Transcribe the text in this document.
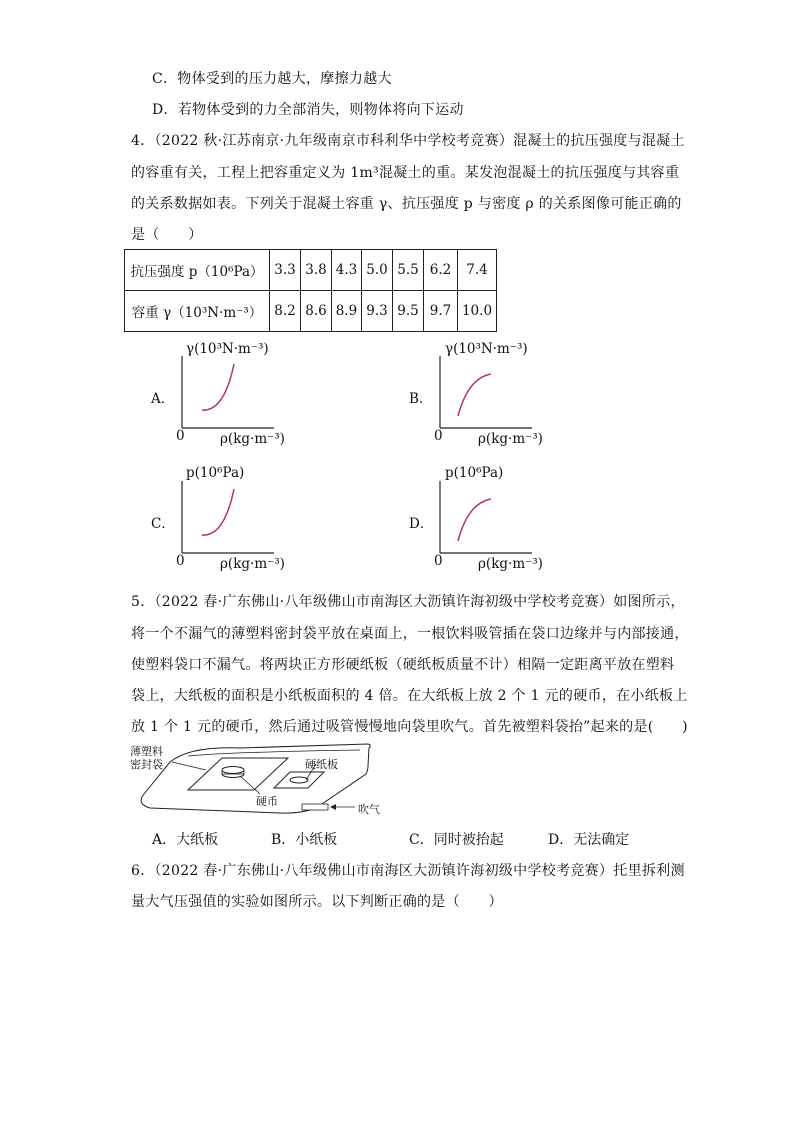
C．物体受到的压力越大，摩擦力越大
D．若物体受到的力全部消失，则物体将向下运动
4．（2022 秋·江苏南京·九年级南京市科利华中学校考竞赛）混凝土的抗压强度与混凝土
的容重有关，工程上把容重定义为 1m³混凝土的重。某发泡混凝土的抗压强度与其容重
的关系数据如表。下列关于混凝土容重 γ、抗压强度 p 与密度 ρ 的关系图像可能正确的
是（　　）
抗压强度 p（10⁶Pa）	3.3	3.8	4.3	5.0	5.5	6.2	7.4
容重 γ（10³N·m⁻³）	8.2	8.6	8.9	9.3	9.5	9.7	10.0
A．
γ(10³N·m⁻³)
0	ρ(kg·m⁻³)
B．
γ(10³N·m⁻³)
0	ρ(kg·m⁻³)
C．
p(10⁶Pa)
0	ρ(kg·m⁻³)
D．
p(10⁶Pa)
0	ρ(kg·m⁻³)
5．（2022 春·广东佛山·八年级佛山市南海区大沥镇许海初级中学校考竞赛）如图所示，
将一个不漏气的薄塑料密封袋平放在桌面上，一根饮料吸管插在袋口边缘并与内部接通，
使塑料袋口不漏气。将两块正方形硬纸板（硬纸板质量不计）相隔一定距离平放在塑料
袋上，大纸板的面积是小纸板面积的 4 倍。在大纸板上放 2 个 1 元的硬币，在小纸板上
放 1 个 1 元的硬币，然后通过吸管慢慢地向袋里吹气。首先被塑料袋抬”起来的是(　　)
薄塑料
密封袋	硬纸板
硬币
吹气
A．大纸板	B．小纸板	C．同时被抬起	D．无法确定
6．（2022 春·广东佛山·八年级佛山市南海区大沥镇许海初级中学校考竞赛）托里拆利测
量大气压强值的实验如图所示。以下判断正确的是（　　）
